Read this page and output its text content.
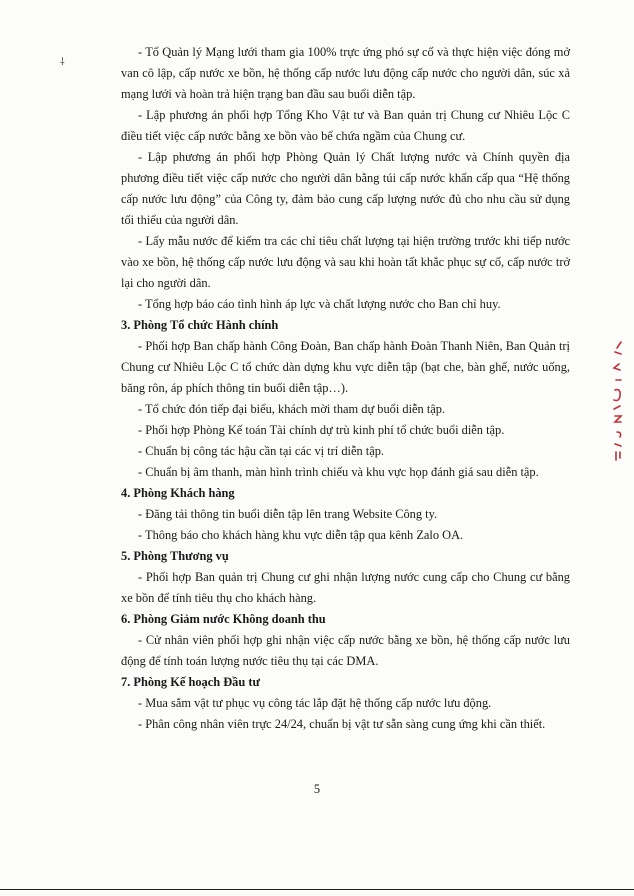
⸸

- Tổ Quản lý Mạng lưới tham gia 100% trực ứng phó sự cố và thực hiện việc đóng mở van cô lập, cấp nước xe bồn, hệ thống cấp nước lưu động cấp nước cho người dân, súc xả mạng lưới và hoàn trả hiện trạng ban đầu sau buổi diễn tập.

- Lập phương án phối hợp Tổng Kho Vật tư và Ban quản trị Chung cư Nhiêu Lộc C điều tiết việc cấp nước bằng xe bồn vào bể chứa ngầm của Chung cư.

- Lập phương án phối hợp Phòng Quản lý Chất lượng nước và Chính quyền địa phương điều tiết việc cấp nước cho người dân bằng túi cấp nước khẩn cấp qua “Hệ thống cấp nước lưu động” của Công ty, đảm bảo cung cấp lượng nước đủ cho nhu cầu sử dụng tối thiểu của người dân.

- Lấy mẫu nước để kiểm tra các chỉ tiêu chất lượng tại hiện trường trước khi tiếp nước vào xe bồn, hệ thống cấp nước lưu động và sau khi hoàn tất khắc phục sự cố, cấp nước trở lại cho người dân.

- Tổng hợp báo cáo tình hình áp lực và chất lượng nước cho Ban chỉ huy.

3. Phòng Tổ chức Hành chính

- Phối hợp Ban chấp hành Công Đoàn, Ban chấp hành Đoàn Thanh Niên, Ban Quản trị Chung cư Nhiêu Lộc C tổ chức dàn dựng khu vực diễn tập (bạt che, bàn ghế, nước uống, băng rôn, áp phích thông tin buổi diễn tập…).

- Tổ chức đón tiếp đại biểu, khách mời tham dự buổi diễn tập.

- Phối hợp Phòng Kế toán Tài chính dự trù kinh phí tổ chức buổi diễn tập.

- Chuẩn bị công tác hậu cần tại các vị trí diễn tập.

- Chuẩn bị âm thanh, màn hình trình chiếu và khu vực họp đánh giá sau diễn tập.

4. Phòng Khách hàng

- Đăng tải thông tin buổi diễn tập lên trang Website Công ty.

- Thông báo cho khách hàng khu vực diễn tập qua kênh Zalo OA.

5. Phòng Thương vụ

- Phối hợp Ban quản trị Chung cư ghi nhận lượng nước cung cấp cho Chung cư bằng xe bồn để tính tiêu thụ cho khách hàng.

6. Phòng Giảm nước Không doanh thu

- Cử nhân viên phối hợp ghi nhận việc cấp nước bằng xe bồn, hệ thống cấp nước lưu động để tính toán lượng nước tiêu thụ tại các DMA.

7. Phòng Kế hoạch Đầu tư

- Mua sắm vật tư phục vụ công tác lắp đặt hệ thống cấp nước lưu động.

- Phân công nhân viên trực 24/24, chuẩn bị vật tư sẵn sàng cung ứng khi cần thiết.

5
